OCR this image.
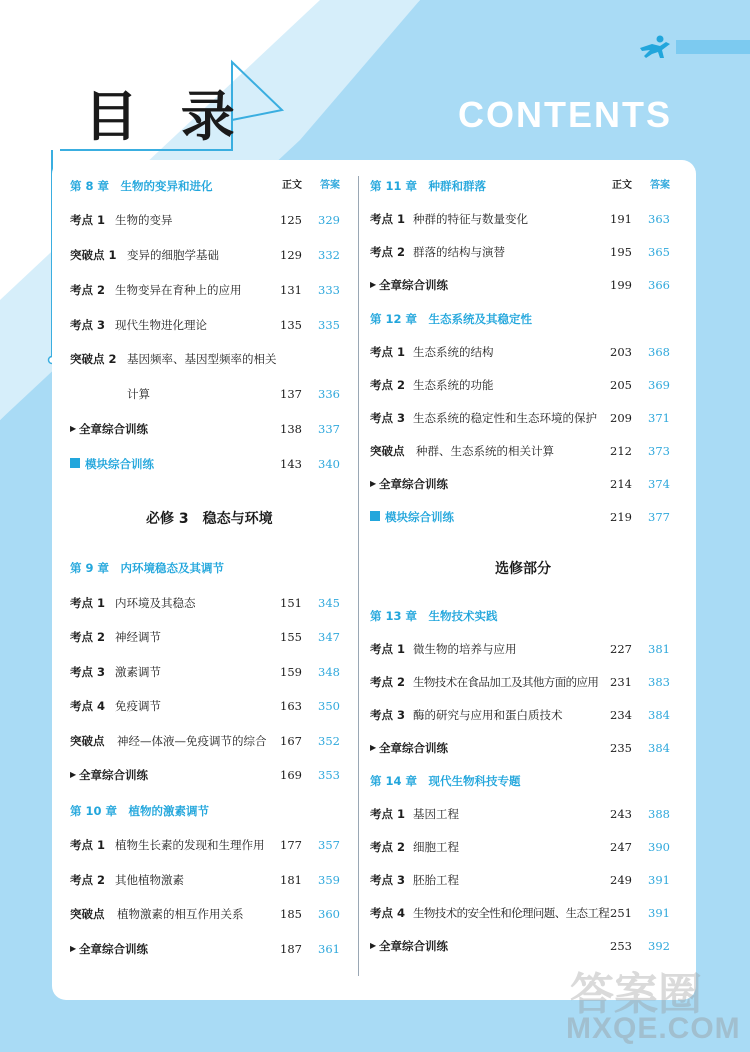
目 录	CONTENTS
第 8 章　生物的变异和进化	正文	答案
考点 1 生物的变异	125	329
突破点 1 变异的细胞学基础	129	332
考点 2 生物变异在育种上的应用	131	333
考点 3 现代生物进化理论	135	335
突破点 2 基因频率、基因型频率的相关
计算	137	336
▶ 全章综合训练	138	337
模块综合训练	143	340
必修 3　稳态与环境
第 9 章　内环境稳态及其调节
考点 1 内环境及其稳态	151	345
考点 2 神经调节	155	347
考点 3 激素调节	159	348
考点 4 免疫调节	163	350
突破点 神经—体液—免疫调节的综合	167	352
▶ 全章综合训练	169	353
第 10 章　植物的激素调节
考点 1 植物生长素的发现和生理作用	177	357
考点 2 其他植物激素	181	359
突破点 植物激素的相互作用关系	185	360
▶ 全章综合训练	187	361
第 11 章　种群和群落	正文	答案
考点 1 种群的特征与数量变化	191	363
考点 2 群落的结构与演替	195	365
▶ 全章综合训练	199	366
第 12 章　生态系统及其稳定性
考点 1 生态系统的结构	203	368
考点 2 生态系统的功能	205	369
考点 3 生态系统的稳定性和生态环境的保护	209	371
突破点 种群、生态系统的相关计算	212	373
▶ 全章综合训练	214	374
模块综合训练	219	377
选修部分
第 13 章　生物技术实践
考点 1 微生物的培养与应用	227	381
考点 2 生物技术在食品加工及其他方面的应用	231	383
考点 3 酶的研究与应用和蛋白质技术	234	384
▶ 全章综合训练	235	384
第 14 章　现代生物科技专题
考点 1 基因工程	243	388
考点 2 细胞工程	247	390
考点 3 胚胎工程	249	391
考点 4 生物技术的安全性和伦理问题、生态工程 251	391
▶ 全章综合训练	253	392
答案圈
MXQE.COM
